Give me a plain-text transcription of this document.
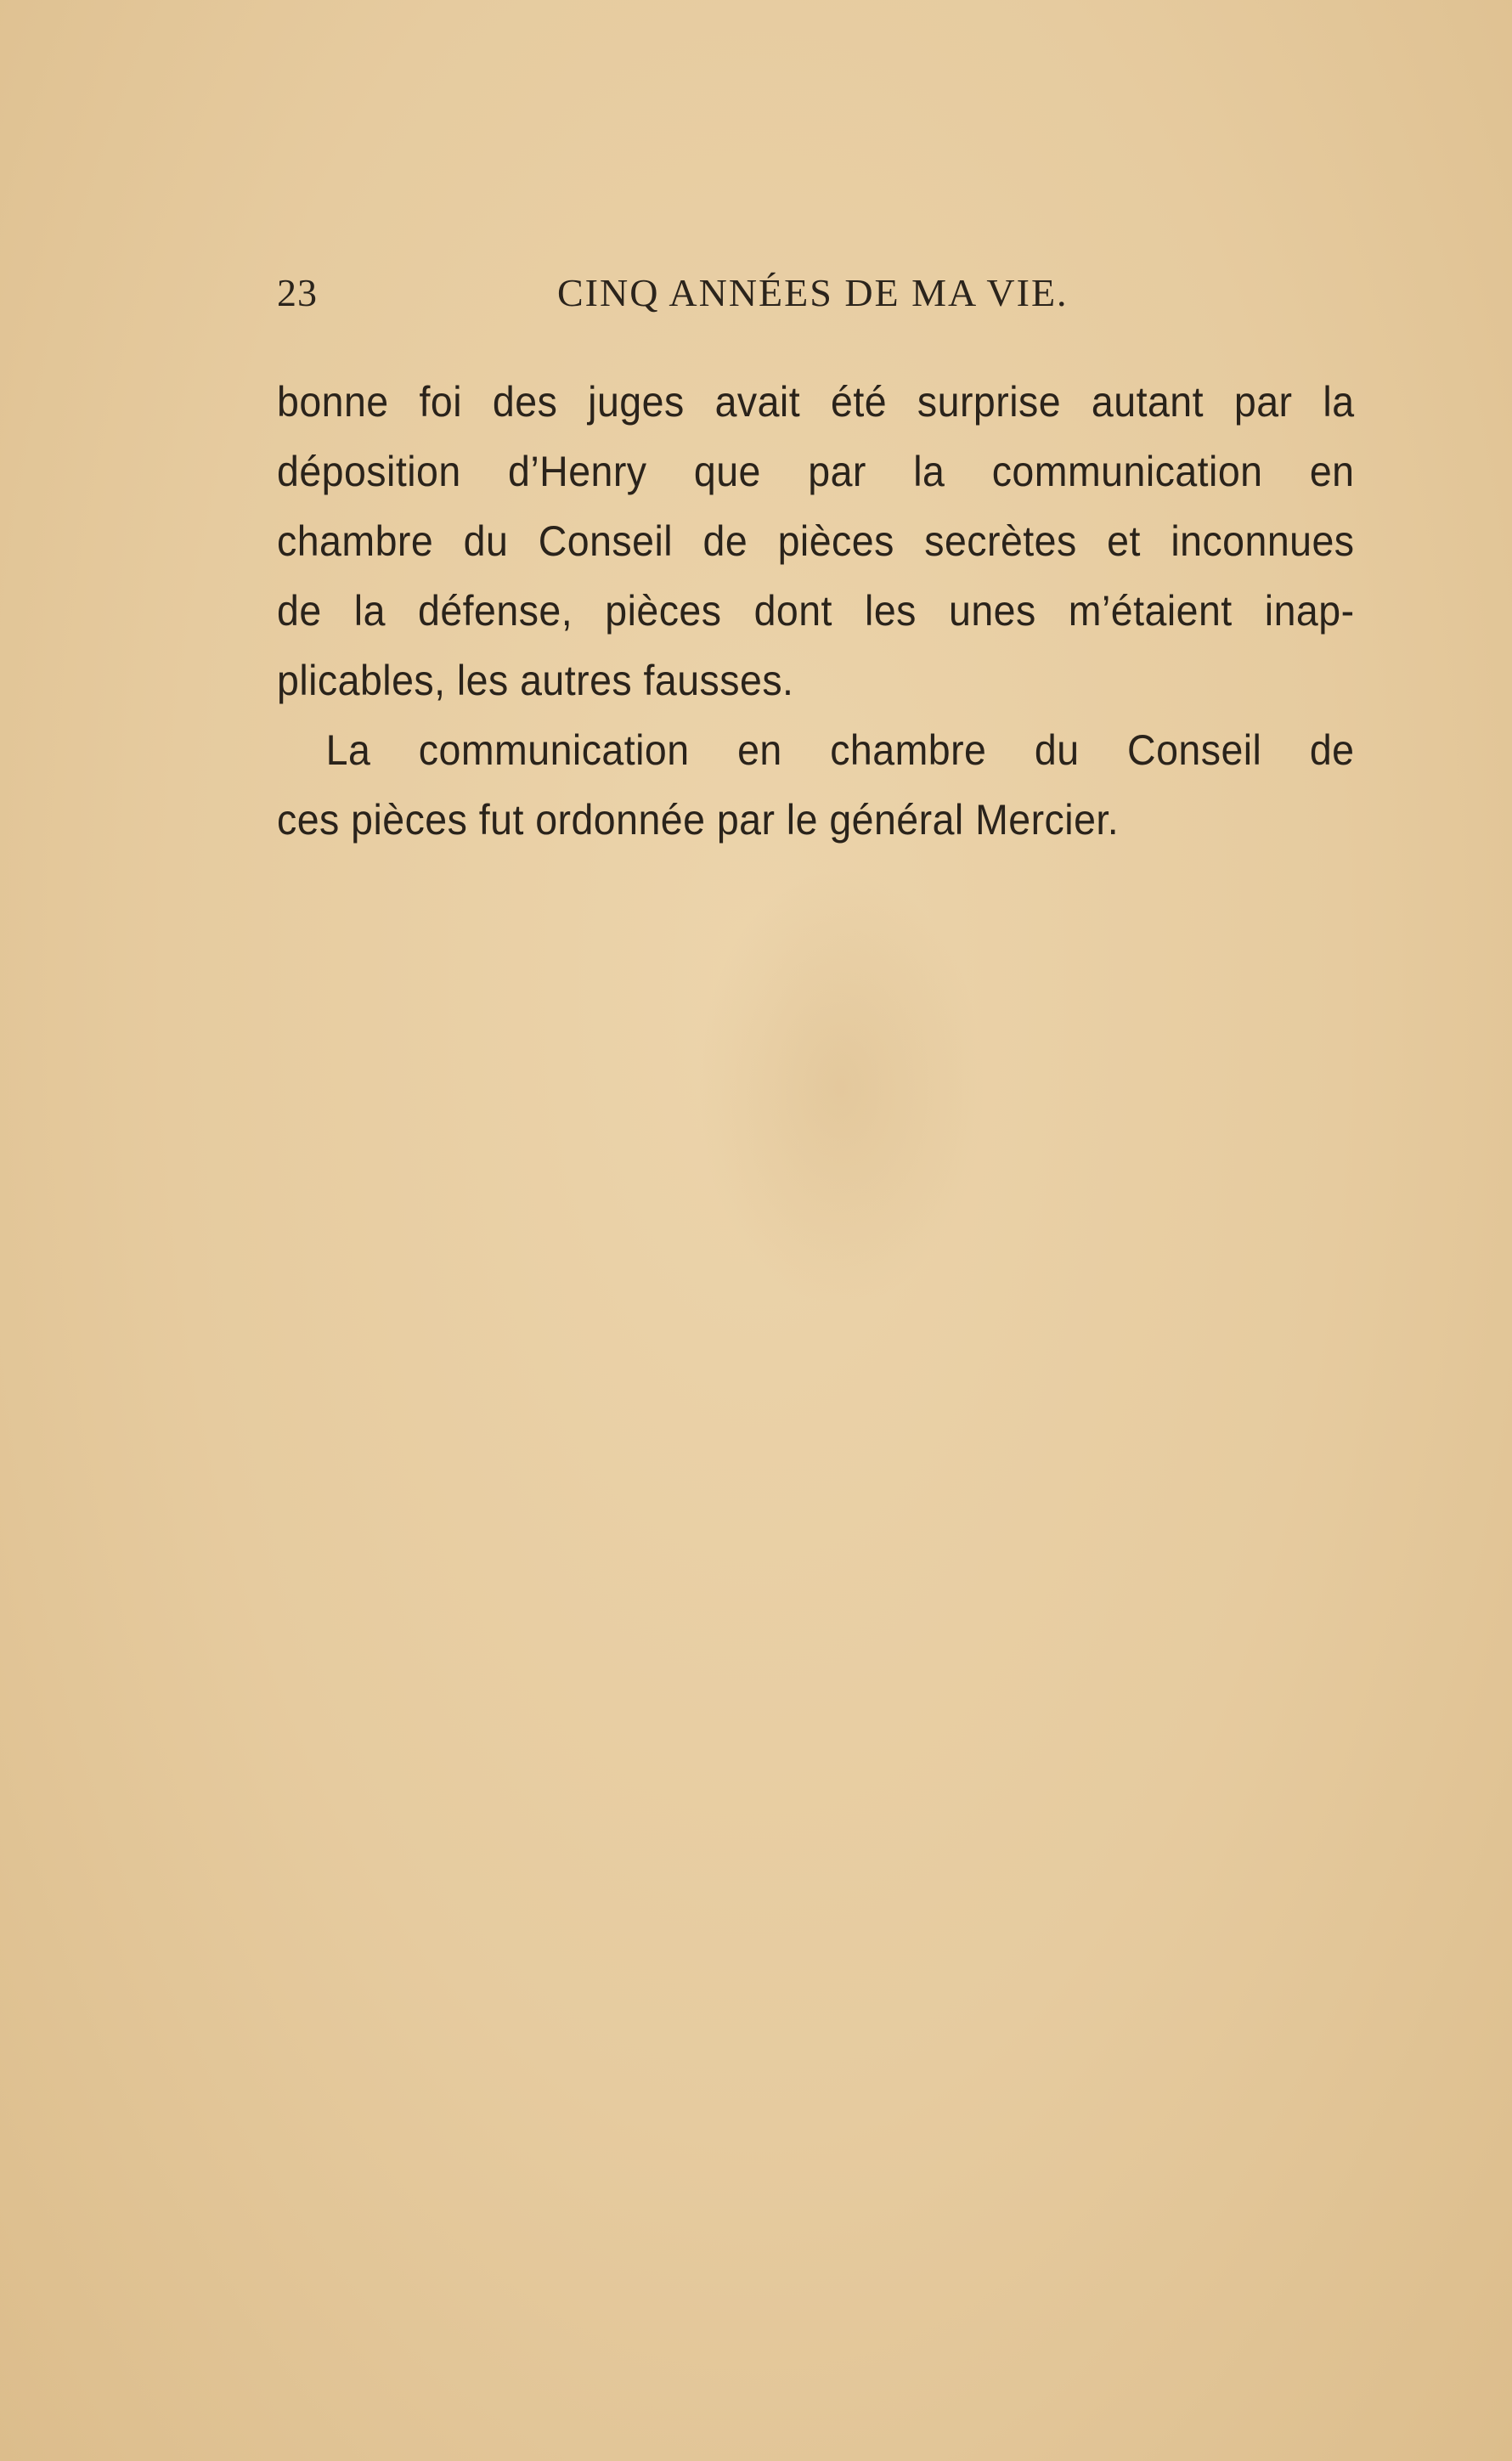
23	CINQ ANNÉES DE MA VIE.
bonne foi des juges avait été surprise autant par la
déposition d’Henry que par la communication en
chambre du Conseil de pièces secrètes et inconnues
de la défense, pièces dont les unes m’étaient inap-
plicables, les autres fausses.
La communication en chambre du Conseil de
ces pièces fut ordonnée par le général Mercier.
